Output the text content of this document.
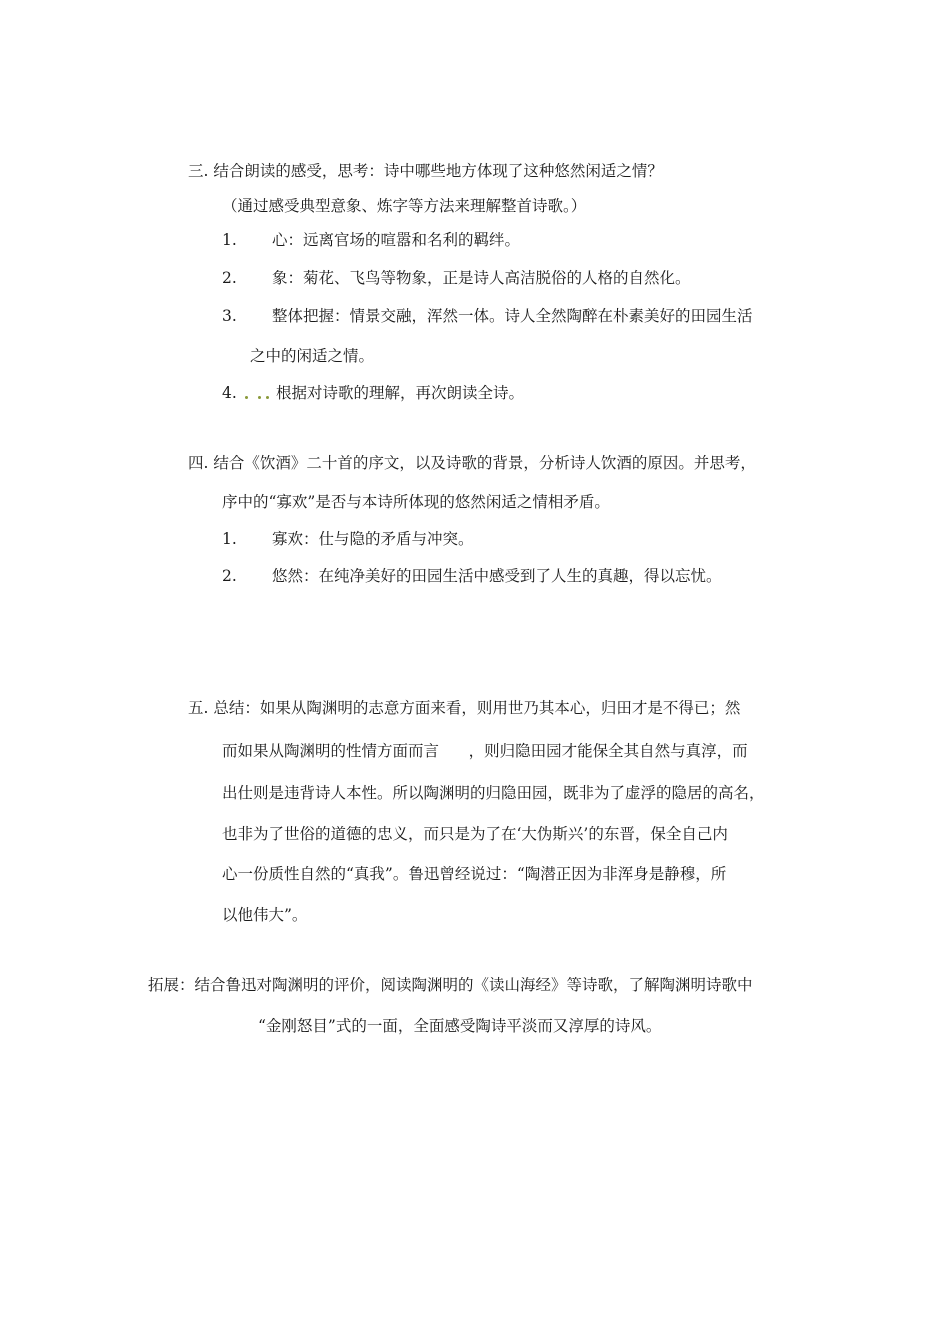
三. 结合朗读的感受，思考：诗中哪些地方体现了这种悠然闲适之情？
（通过感受典型意象、炼字等方法来理解整首诗歌。）
1. 心：远离官场的喧嚣和名利的羁绊。
2. 象：菊花、飞鸟等物象，正是诗人高洁脱俗的人格的自然化。
3. 整体把握：情景交融，浑然一体。诗人全然陶醉在朴素美好的田园生活
之中的闲适之情。
4.	根据对诗歌的理解，再次朗读全诗。
四. 结合《饮酒》二十首的序文，以及诗歌的背景，分析诗人饮酒的原因。并思考，
序中的“寡欢”是否与本诗所体现的悠然闲适之情相矛盾。
1. 寡欢：仕与隐的矛盾与冲突。
2. 悠然：在纯净美好的田园生活中感受到了人生的真趣，得以忘忧。
五. 总结：如果从陶渊明的志意方面来看，则用世乃其本心，归田才是不得已；然
而如果从陶渊明的性情方面而言      ，则归隐田园才能保全其自然与真淳，而
出仕则是违背诗人本性。所以陶渊明的归隐田园，既非为了虚浮的隐居的高名，
也非为了世俗的道德的忠义，而只是为了在‘大伪斯兴’的东晋，保全自己内
心一份质性自然的“真我”。鲁迅曾经说过：“陶潜正因为非浑身是静穆，所
以他伟大”。
拓展：结合鲁迅对陶渊明的评价，阅读陶渊明的《读山海经》等诗歌，了解陶渊明诗歌中
“金刚怒目”式的一面，全面感受陶诗平淡而又淳厚的诗风。
